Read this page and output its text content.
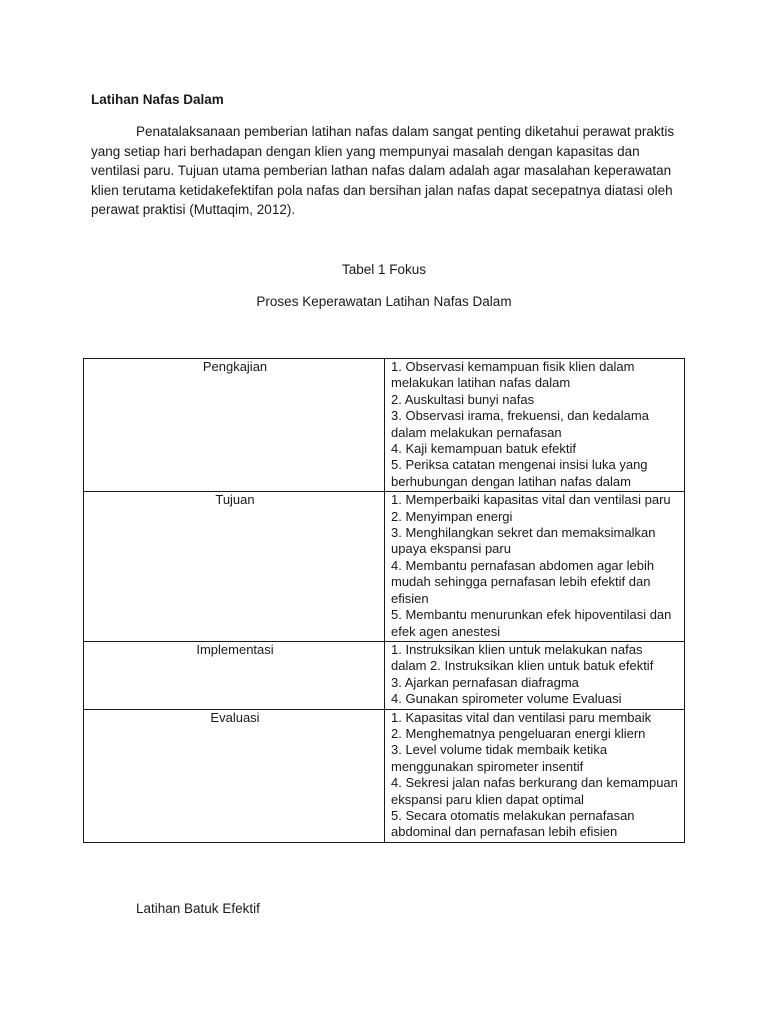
Latihan Nafas Dalam

Penatalaksanaan pemberian latihan nafas dalam sangat penting diketahui perawat praktis yang setiap hari berhadapan dengan klien yang mempunyai masalah dengan kapasitas dan ventilasi paru. Tujuan utama pemberian lathan nafas dalam adalah agar masalahan keperawatan klien terutama ketidakefektifan pola nafas dan bersihan jalan nafas dapat secepatnya diatasi oleh perawat praktisi (Muttaqim, 2012).

Tabel 1 Fokus

Proses Keperawatan Latihan Nafas Dalam

Pengkajian	1. Observasi kemampuan fisik klien dalam melakukan latihan nafas dalam
2. Auskultasi bunyi nafas
3. Observasi irama, frekuensi, dan kedalama dalam melakukan pernafasan
4. Kaji kemampuan batuk efektif
5. Periksa catatan mengenai insisi luka yang berhubungan dengan latihan nafas dalam

Tujuan	1. Memperbaiki kapasitas vital dan ventilasi paru 2. Menyimpan energi
3. Menghilangkan sekret dan memaksimalkan upaya ekspansi paru
4. Membantu pernafasan abdomen agar lebih mudah sehingga pernafasan lebih efektif dan efisien
5. Membantu menurunkan efek hipoventilasi dan efek agen anestesi

Implementasi	1. Instruksikan klien untuk melakukan nafas dalam 2. Instruksikan klien untuk batuk efektif
3. Ajarkan pernafasan diafragma
4. Gunakan spirometer volume Evaluasi

Evaluasi	1. Kapasitas vital dan ventilasi paru membaik
2. Menghematnya pengeluaran energi kliern
3. Level volume tidak membaik ketika menggunakan spirometer insentif
4. Sekresi jalan nafas berkurang dan kemampuan ekspansi paru klien dapat optimal
5. Secara otomatis melakukan pernafasan abdominal dan pernafasan lebih efisien

Latihan Batuk Efektif
